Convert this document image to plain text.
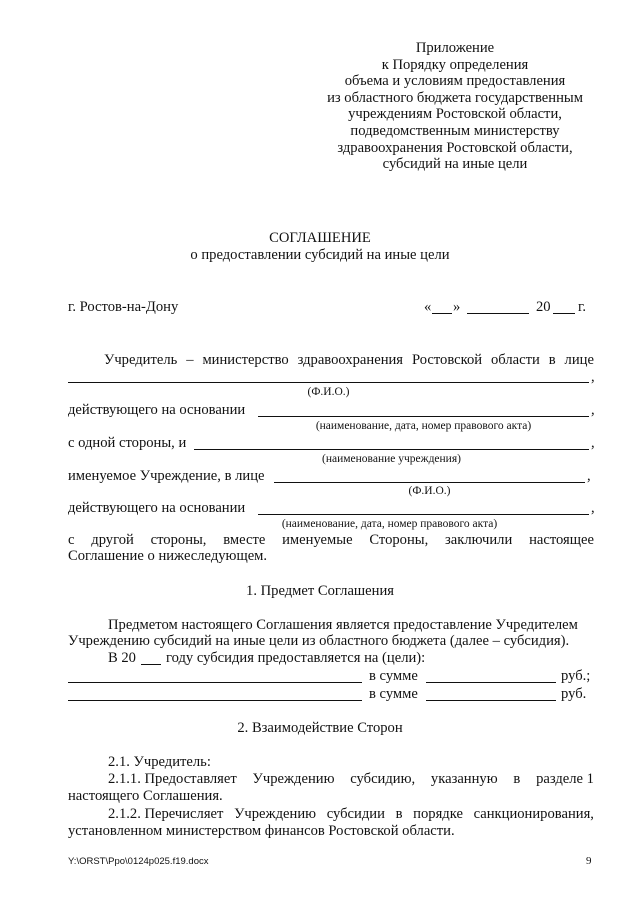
Приложение
к Порядку определения
объема и условиям предоставления
из областного бюджета государственным
учреждениям Ростовской области,
подведомственным министерству
здравоохранения Ростовской области,
субсидий на иные цели
СОГЛАШЕНИЕ
о предоставлении субсидий на иные цели
г. Ростов-на-Дону	« »	20 г.
Учредитель – министерство здравоохранения Ростовской области в лице
,
(Ф.И.О.)
действующего на основании	,
(наименование, дата, номер правового акта)
с одной стороны, и	,
(наименование учреждения)
именуемое Учреждение, в лице	,
(Ф.И.О.)
действующего на основании	,
(наименование, дата, номер правового акта)
с другой стороны, вместе именуемые Стороны, заключили настоящее
Соглашение о нижеследующем.
1. Предмет Соглашения
Предметом настоящего Соглашения является предоставление Учредителем
Учреждению субсидий на иные цели из областного бюджета (далее – субсидия).
В 20 году субсидия предоставляется на (цели):
в сумме	руб.;
в сумме	руб.
2. Взаимодействие Сторон
2.1. Учредитель:
2.1.1. Предоставляет Учреждению субсидию, указанную в разделе 1
настоящего Соглашения.
2.1.2. Перечисляет Учреждению субсидии в порядке санкционирования,
установленном министерством финансов Ростовской области.
Y:\ORST\Ppo\0124p025.f19.docx	9
